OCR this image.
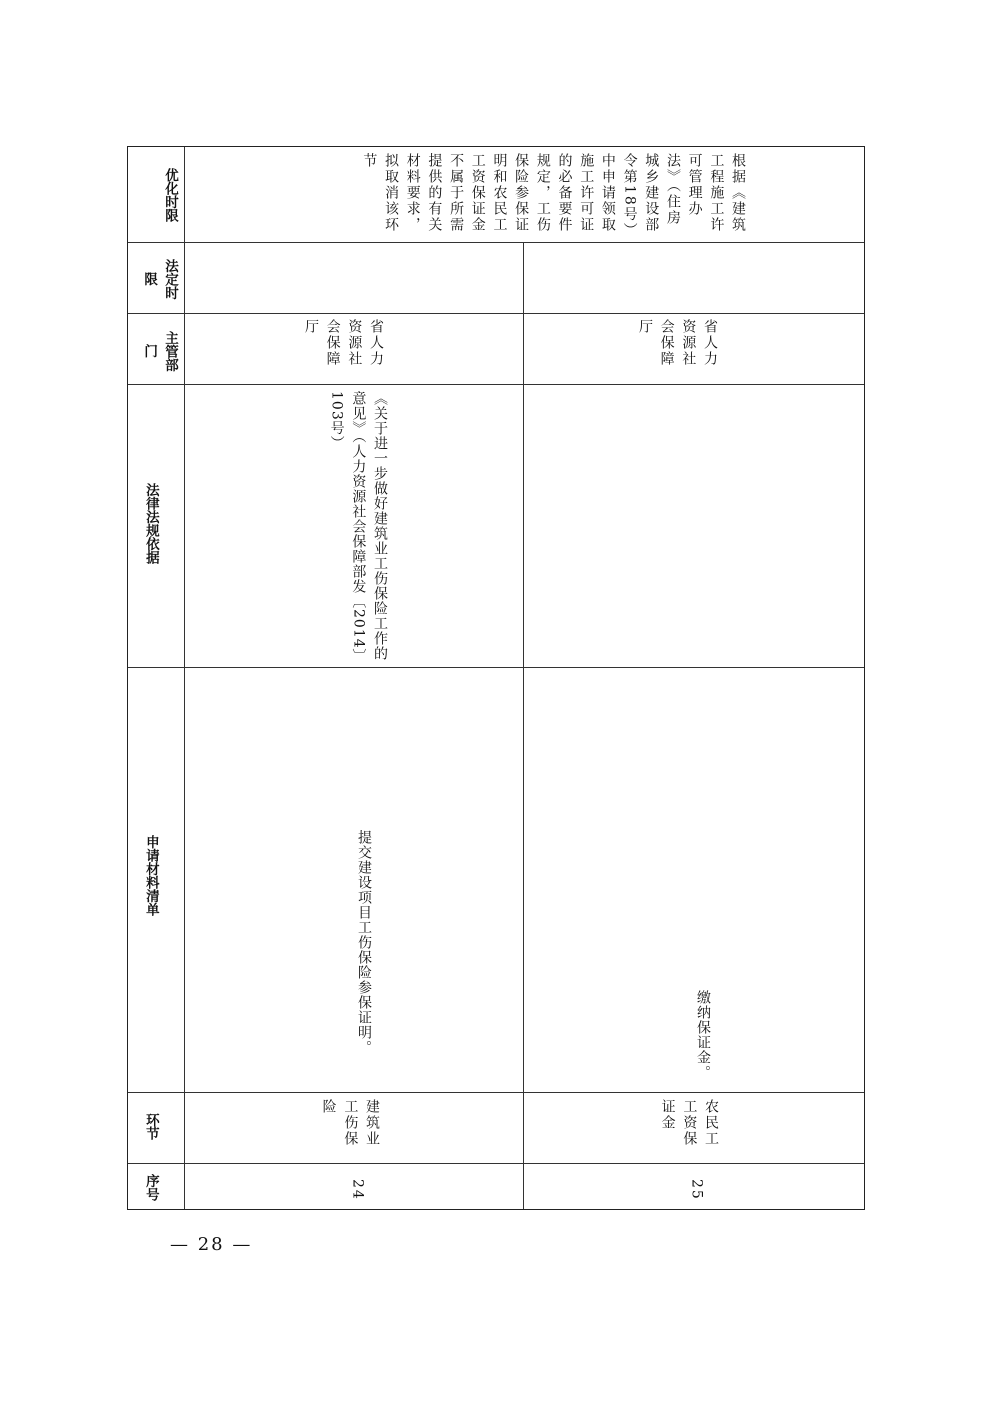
优化时限
法定时限
主管部门
法律法规依据
申请材料清单
环节
序号
根据《建筑工程施工许可管理办法》（住房城乡建设部令第18号）中申请领取施工许可证的必备要件规定，工伤保险参保证明和农民工工资保证金不属于所需提供的有关材料要求，拟取消该环节
省人力资源社会保障厅
《关于进一步做好建筑业工伤保险工作的意见》（人力资源社会保障部发〔2014〕103号）
提交建设项目工伤保险参保证明。
建筑业工伤保险
24
省人力资源社会保障厅
缴纳保证金。
农民工工资保证金
25
— 28 —
